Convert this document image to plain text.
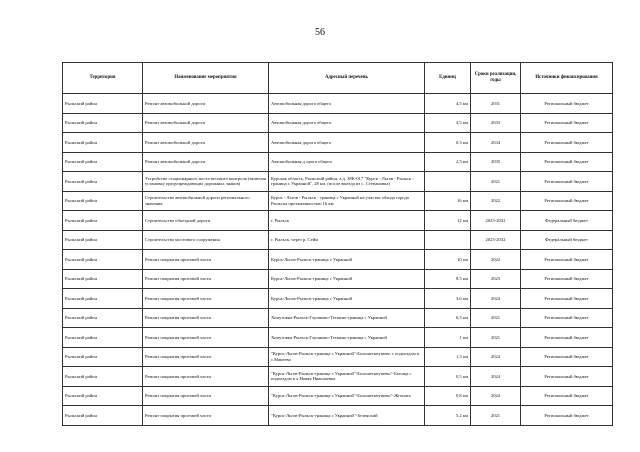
56
Территория	Наименование мероприятия	Адресный перечень	Единиц	Сроки реализации, годы	Источники финансирования
Рыльский район	Ремонт автомобильной дороги	Автомобильная дорога общего	4,5 км	2031	Региональный бюджет
Рыльский район	Ремонт автомобильной дороги	Автомобильная дорога общего	4,5 км	2033	Региональный бюджет
Рыльский район	Ремонт автомобильной дороги	Автомобильная дорога общего	0,3 км	2034	Региональный бюджет
Рыльский район	Ремонт автомобильной дороги	Автомобильная д орога общего	2,5 км	2035	Региональный бюджет
Рыльский район	Устройство стационарного поста весового контроля (включая установку предупреждающих дорожных знаков)	Курская область, Рыльский район, а.д. 38К-017 "Курск - Льгов - Рыльск - граница с Украиной", 28 км. (после выезда из с. Степановка)		2021	Региональный бюджет
Рыльский район	Строительство автомобильной дороги регионального значения	Курск - Льгов - Рыльск - граница с Украиной на участке обхода города Рыльска протяженностью 16 км	16 км	2022	Региональный бюджет
Рыльский район	Строительство объездной дороги	г. Рыльск	12 км	2025-2032	Федеральный бюджет
Рыльский район	Строительство мостового сооружения	г. Рыльск, через р. Сейм		2025-2032	Федеральный бюджет
Рыльский район	Ремонт покрытия проезжей части	Курск-Льгов-Рыльск-граница с Украиной	10 км	2022	Региональный бюджет
Рыльский район	Ремонт покрытия проезжей части	Курск-Льгов-Рыльск-граница с Украиной	8,5 км	2023	Региональный бюджет
Рыльский район	Ремонт покрытия проезжей части	Курск-Льгов-Рыльск-граница с Украиной	3,6 км	2024	Региональный бюджет
Рыльский район	Ремонт покрытия проезжей части	Хомутовка-Рыльск-Глушково-Теткино-граница с Украиной	6,5 км	2021	Региональный бюджет
Рыльский район	Ремонт покрытия проезжей части	Хомутовка-Рыльск-Глушково-Теткино-граница с Украиной	1 км	2021	Региональный бюджет
Рыльский район	Ремонт покрытия проезжей части	"Курск-Льгов-Рыльск-граница с Украиной"-Большегнеушево с подъездом к с.Макеево	1,3 км	2024	Региональный бюджет
Рыльский район	Ремонт покрытия проезжей части	"Курск-Льгов-Рыльск-граница с Украиной"-Большегнеушево"-Бегоща с подъездом к х.Новая Николаевка	0,5 км	2024	Региональный бюджет
Рыльский район	Ремонт покрытия проезжей части	"Курск-Льгов-Рыльск-граница с Украиной"-Большегнеушево"-Жгонать	0,8 км	2024	Региональный бюджет
Рыльский район	Ремонт покрытия проезжей части	"Курск-Льгов-Рыльск-граница с Украиной"-Зеленский	5,2 км	2021	Региональный бюджет
